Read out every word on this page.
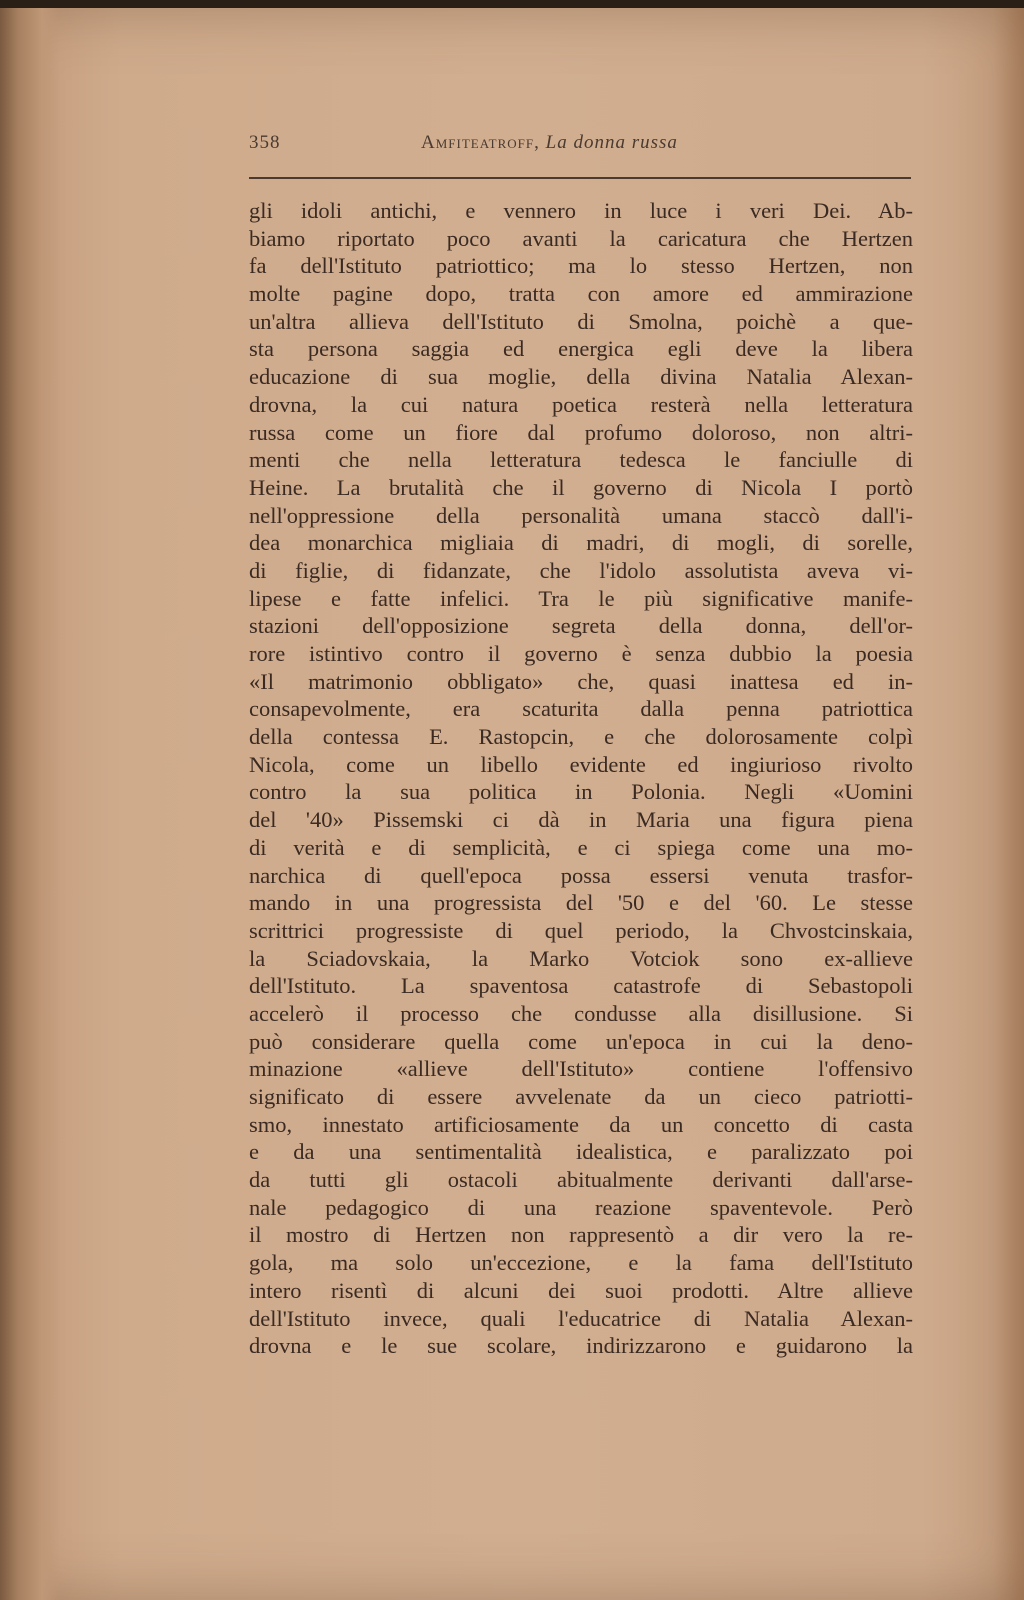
358	Amfiteatroff, La donna russa
gli idoli antichi, e vennero in luce i veri Dei. Ab-
biamo riportato poco avanti la caricatura che Hertzen
fa dell'Istituto patriottico; ma lo stesso Hertzen, non
molte pagine dopo, tratta con amore ed ammirazione
un'altra allieva dell'Istituto di Smolna, poichè a que-
sta persona saggia ed energica egli deve la libera
educazione di sua moglie, della divina Natalia Alexan-
drovna, la cui natura poetica resterà nella letteratura
russa come un fiore dal profumo doloroso, non altri-
menti che nella letteratura tedesca le fanciulle di
Heine. La brutalità che il governo di Nicola I portò
nell'oppressione della personalità umana staccò dall'i-
dea monarchica migliaia di madri, di mogli, di sorelle,
di figlie, di fidanzate, che l'idolo assolutista aveva vi-
lipese e fatte infelici. Tra le più significative manife-
stazioni dell'opposizione segreta della donna, dell'or-
rore istintivo contro il governo è senza dubbio la poesia
«Il matrimonio obbligato» che, quasi inattesa ed in-
consapevolmente, era scaturita dalla penna patriottica
della contessa E. Rastopcin, e che dolorosamente colpì
Nicola, come un libello evidente ed ingiurioso rivolto
contro la sua politica in Polonia. Negli «Uomini
del '40» Pissemski ci dà in Maria una figura piena
di verità e di semplicità, e ci spiega come una mo-
narchica di quell'epoca possa essersi venuta trasfor-
mando in una progressista del '50 e del '60. Le stesse
scrittrici progressiste di quel periodo, la Chvostcinskaia,
la Sciadovskaia, la Marko Votciok sono ex-allieve
dell'Istituto. La spaventosa catastrofe di Sebastopoli
accelerò il processo che condusse alla disillusione. Si
può considerare quella come un'epoca in cui la deno-
minazione «allieve dell'Istituto» contiene l'offensivo
significato di essere avvelenate da un cieco patriotti-
smo, innestato artificiosamente da un concetto di casta
e da una sentimentalità idealistica, e paralizzato poi
da tutti gli ostacoli abitualmente derivanti dall'arse-
nale pedagogico di una reazione spaventevole. Però
il mostro di Hertzen non rappresentò a dir vero la re-
gola, ma solo un'eccezione, e la fama dell'Istituto
intero risentì di alcuni dei suoi prodotti. Altre allieve
dell'Istituto invece, quali l'educatrice di Natalia Alexan-
drovna e le sue scolare, indirizzarono e guidarono la
